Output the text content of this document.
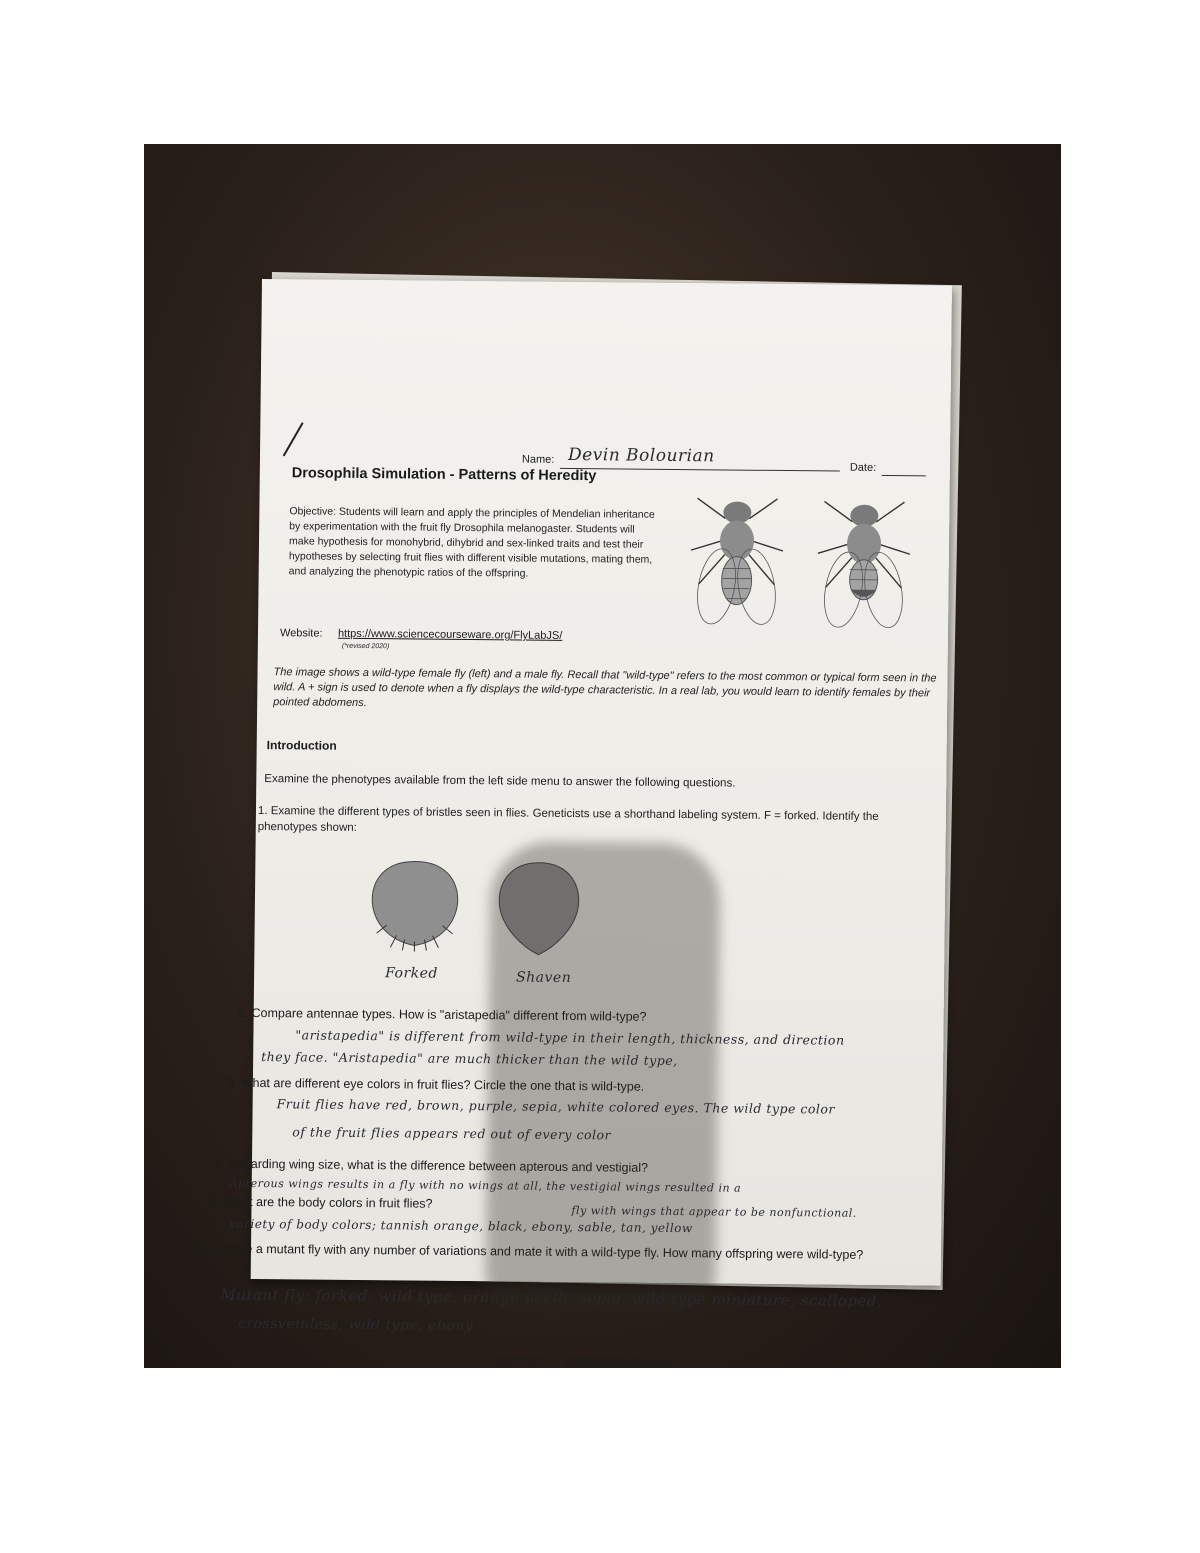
Name: Devin Bolourian
Date:
Drosophila Simulation - Patterns of Heredity
Objective: Students will learn and apply the principles of Mendelian inheritance by experimentation with the fruit fly Drosophila melanogaster. Students will make hypothesis for monohybrid, dihybrid and sex-linked traits and test their hypotheses by selecting fruit flies with different visible mutations, mating them, and analyzing the phenotypic ratios of the offspring.
Website: https://www.sciencecourseware.org/FlyLabJS/
(*revised 2020)
The image shows a wild-type female fly (left) and a male fly. Recall that "wild-type" refers to the most common or typical form seen in the wild. A + sign is used to denote when a fly displays the wild-type characteristic. In a real lab, you would learn to identify females by their pointed abdomens.
Introduction
Examine the phenotypes available from the left side menu to answer the following questions.
1. Examine the different types of bristles seen in flies. Geneticists use a shorthand labeling system. F = forked. Identify the phenotypes shown:
Forked	Shaven
2. Compare antennae types. How is "aristapedia" different from wild-type?
"aristapedia" is different from wild-type in their length, thickness, and direction
they face. "Aristapedia" are much thicker than the wild type,
3. What are different eye colors in fruit flies? Circle the one that is wild-type.
Fruit flies have red, brown, purple, sepia, white colored eyes. The wild type color
of the fruit flies appears red out of every color
4. Regarding wing size, what is the difference between apterous and vestigial?
Apterous wings results in a fly with no wings at all, the vestigial wings resulted in a
5. What are the body colors in fruit flies?
fly with wings that appear to be nonfunctional.
variety of body colors; tannish orange, black, ebony, sable, tan, yellow
6. Create a mutant fly with any number of variations and mate it with a wild-type fly. How many offspring were wild-type?
Mutant fly: forked, wild type, orange ocelli, sepia, wild type miniature, scalloped,
crossveinless, wild type, ebony
Courtesy of: www.biologycorner.com
